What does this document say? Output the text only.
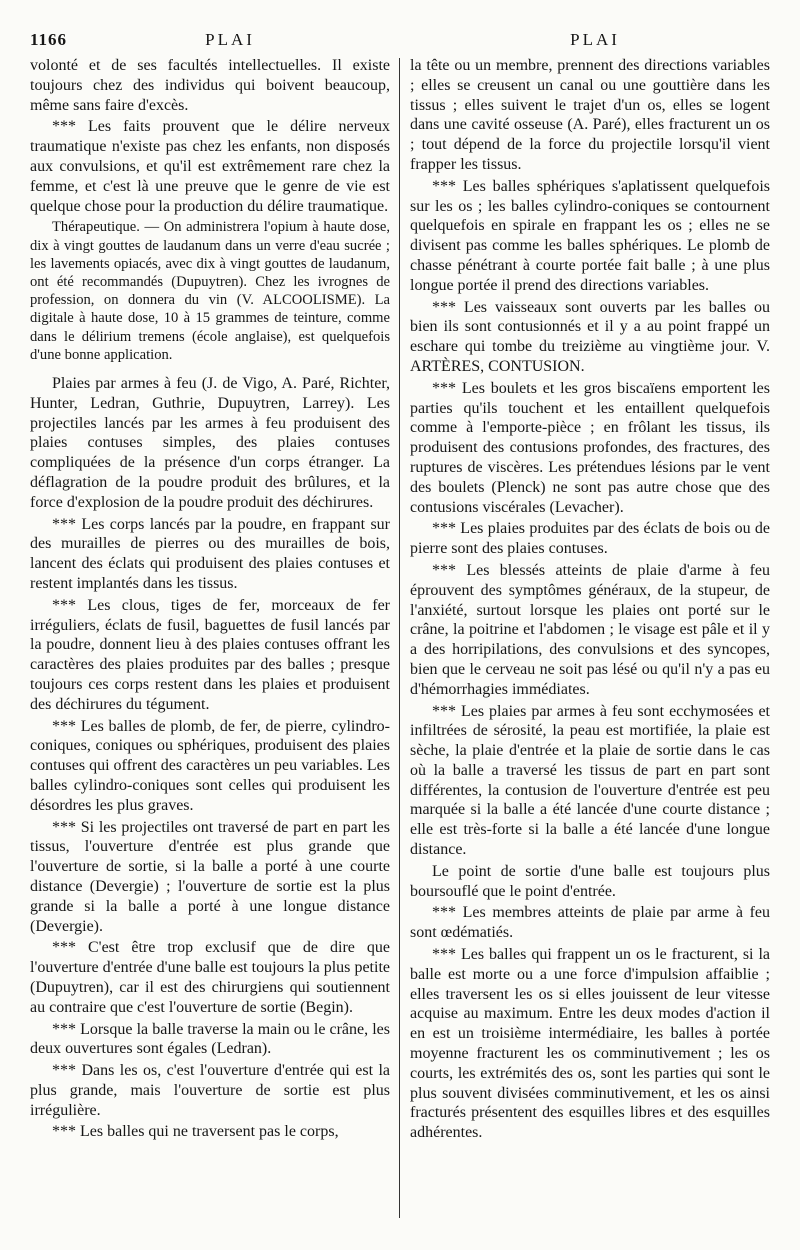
1166	PLAI	PLAI

volonté et de ses facultés intellectuelles. Il existe toujours chez des individus qui boivent beaucoup, même sans faire d'excès.

*** Les faits prouvent que le délire nerveux traumatique n'existe pas chez les enfants, non disposés aux convulsions, et qu'il est extrêmement rare chez la femme, et c'est là une preuve que le genre de vie est quelque chose pour la production du délire traumatique.

Thérapeutique. — On administrera l'opium à haute dose, dix à vingt gouttes de laudanum dans un verre d'eau sucrée ; les lavements opiacés, avec dix à vingt gouttes de laudanum, ont été recommandés (Dupuytren). Chez les ivrognes de profession, on donnera du vin (V. ALCOOLISME). La digitale à haute dose, 10 à 15 grammes de teinture, comme dans le délirium tremens (école anglaise), est quelquefois d'une bonne application.

Plaies par armes à feu (J. de Vigo, A. Paré, Richter, Hunter, Ledran, Guthrie, Dupuytren, Larrey). Les projectiles lancés par les armes à feu produisent des plaies contuses simples, des plaies contuses compliquées de la présence d'un corps étranger. La déflagration de la poudre produit des brûlures, et la force d'explosion de la poudre produit des déchirures.

*** Les corps lancés par la poudre, en frappant sur des murailles de pierres ou des murailles de bois, lancent des éclats qui produisent des plaies contuses et restent implantés dans les tissus.

*** Les clous, tiges de fer, morceaux de fer irréguliers, éclats de fusil, baguettes de fusil lancés par la poudre, donnent lieu à des plaies contuses offrant les caractères des plaies produites par des balles ; presque toujours ces corps restent dans les plaies et produisent des déchirures du tégument.

*** Les balles de plomb, de fer, de pierre, cylindro-coniques, coniques ou sphériques, produisent des plaies contuses qui offrent des caractères un peu variables. Les balles cylindro-coniques sont celles qui produisent les désordres les plus graves.

*** Si les projectiles ont traversé de part en part les tissus, l'ouverture d'entrée est plus grande que l'ouverture de sortie, si la balle a porté à une courte distance (Devergie) ; l'ouverture de sortie est la plus grande si la balle a porté à une longue distance (Devergie).

*** C'est être trop exclusif que de dire que l'ouverture d'entrée d'une balle est toujours la plus petite (Dupuytren), car il est des chirurgiens qui soutiennent au contraire que c'est l'ouverture de sortie (Begin).

*** Lorsque la balle traverse la main ou le crâne, les deux ouvertures sont égales (Ledran).

*** Dans les os, c'est l'ouverture d'entrée qui est la plus grande, mais l'ouverture de sortie est plus irrégulière.

*** Les balles qui ne traversent pas le corps,

la tête ou un membre, prennent des directions variables ; elles se creusent un canal ou une gouttière dans les tissus ; elles suivent le trajet d'un os, elles se logent dans une cavité osseuse (A. Paré), elles fracturent un os ; tout dépend de la force du projectile lorsqu'il vient frapper les tissus.

*** Les balles sphériques s'aplatissent quelquefois sur les os ; les balles cylindro-coniques se contournent quelquefois en spirale en frappant les os ; elles ne se divisent pas comme les balles sphériques. Le plomb de chasse pénétrant à courte portée fait balle ; à une plus longue portée il prend des directions variables.

*** Les vaisseaux sont ouverts par les balles ou bien ils sont contusionnés et il y a au point frappé un eschare qui tombe du treizième au vingtième jour. V. ARTÈRES, CONTUSION.

*** Les boulets et les gros biscaïens emportent les parties qu'ils touchent et les entaillent quelquefois comme à l'emporte-pièce ; en frôlant les tissus, ils produisent des contusions profondes, des fractures, des ruptures de viscères. Les prétendues lésions par le vent des boulets (Plenck) ne sont pas autre chose que des contusions viscérales (Levacher).

*** Les plaies produites par des éclats de bois ou de pierre sont des plaies contuses.

*** Les blessés atteints de plaie d'arme à feu éprouvent des symptômes généraux, de la stupeur, de l'anxiété, surtout lorsque les plaies ont porté sur le crâne, la poitrine et l'abdomen ; le visage est pâle et il y a des horripilations, des convulsions et des syncopes, bien que le cerveau ne soit pas lésé ou qu'il n'y a pas eu d'hémorrhagies immédiates.

*** Les plaies par armes à feu sont ecchymosées et infiltrées de sérosité, la peau est mortifiée, la plaie est sèche, la plaie d'entrée et la plaie de sortie dans le cas où la balle a traversé les tissus de part en part sont différentes, la contusion de l'ouverture d'entrée est peu marquée si la balle a été lancée d'une courte distance ; elle est très-forte si la balle a été lancée d'une longue distance.

Le point de sortie d'une balle est toujours plus boursouflé que le point d'entrée.

*** Les membres atteints de plaie par arme à feu sont œdématiés.

*** Les balles qui frappent un os le fracturent, si la balle est morte ou a une force d'impulsion affaiblie ; elles traversent les os si elles jouissent de leur vitesse acquise au maximum. Entre les deux modes d'action il en est un troisième intermédiaire, les balles à portée moyenne fracturent les os comminutivement ; les os courts, les extrémités des os, sont les parties qui sont le plus souvent divisées comminutivement, et les os ainsi fracturés présentent des esquilles libres et des esquilles adhérentes.
